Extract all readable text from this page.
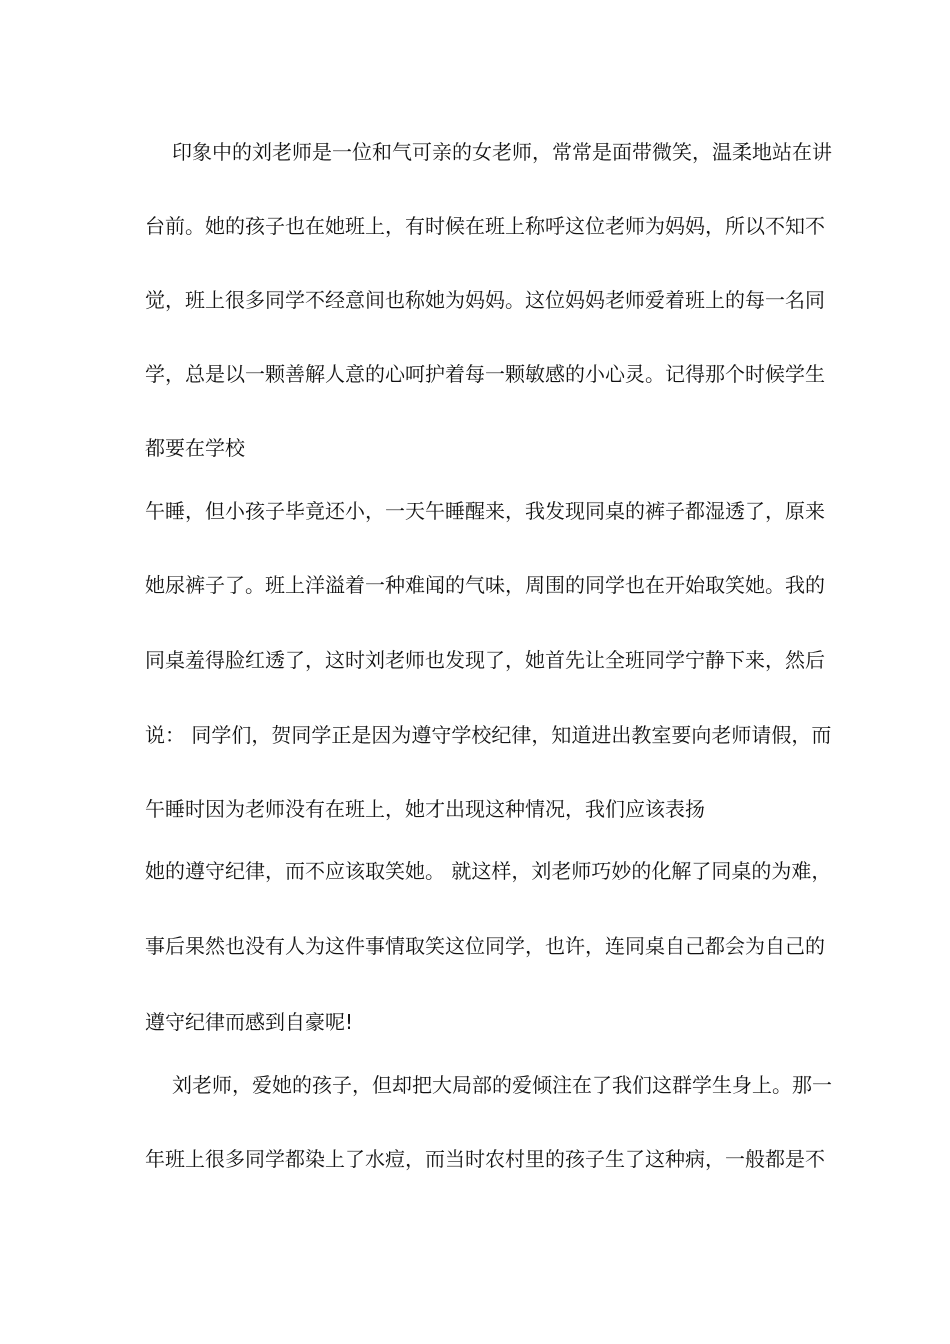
印象中的刘老师是一位和气可亲的女老师，常常是面带微笑，温柔地站在讲
台前。她的孩子也在她班上，有时候在班上称呼这位老师为妈妈，所以不知不
觉，班上很多同学不经意间也称她为妈妈。这位妈妈老师爱着班上的每一名同
学，总是以一颗善解人意的心呵护着每一颗敏感的小心灵。记得那个时候学生
都要在学校
午睡，但小孩子毕竟还小，一天午睡醒来，我发现同桌的裤子都湿透了，原来
她尿裤子了。班上洋溢着一种难闻的气味，周围的同学也在开始取笑她。我的
同桌羞得脸红透了，这时刘老师也发现了，她首先让全班同学宁静下来，然后
说： 同学们，贺同学正是因为遵守学校纪律，知道进出教室要向老师请假，而
午睡时因为老师没有在班上，她才出现这种情况，我们应该表扬
她的遵守纪律，而不应该取笑她。 就这样，刘老师巧妙的化解了同桌的为难，
事后果然也没有人为这件事情取笑这位同学，也许，连同桌自己都会为自己的
遵守纪律而感到自豪呢!
刘老师，爱她的孩子，但却把大局部的爱倾注在了我们这群学生身上。那一
年班上很多同学都染上了水痘，而当时农村里的孩子生了这种病，一般都是不
